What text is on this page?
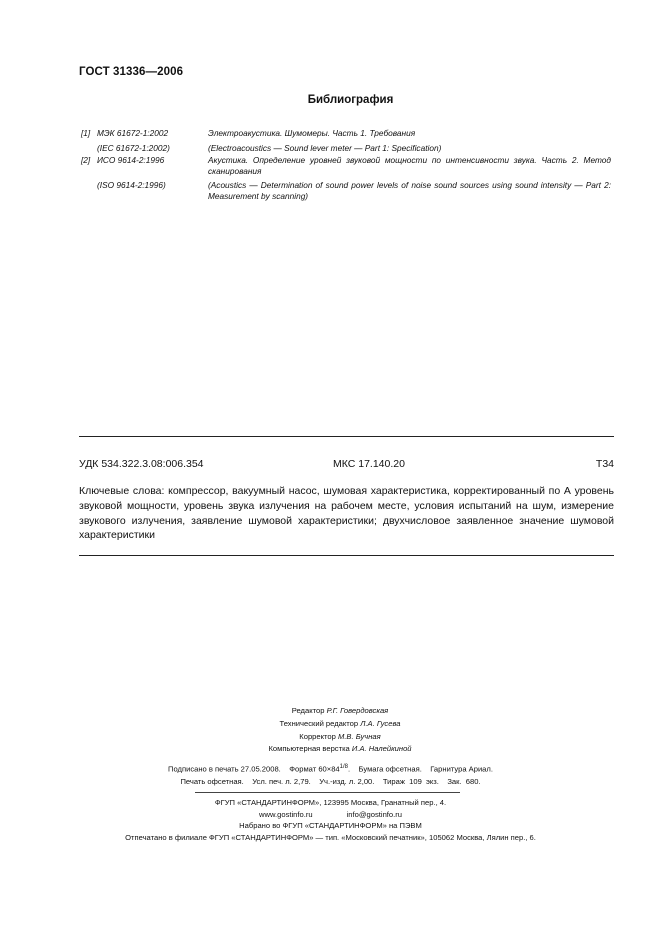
ГОСТ 31336—2006
Библиография
[1] МЭК 61672-1:2002	Электроакустика. Шумомеры. Часть 1. Требования
(IEC 61672-1:2002)	(Electroacoustics — Sound lever meter — Part 1: Specification)
[2] ИСО 9614-2:1996	Акустика. Определение уровней звуковой мощности по интенсивности звука. Часть 2. Метод сканирования
(ISO 9614-2:1996)	(Acoustics — Determination of sound power levels of noise sound sources using sound intensity — Part 2: Measurement by scanning)
УДК 534.322.3.08:006.354	МКС 17.140.20	Т34
Ключевые слова: компрессор, вакуумный насос, шумовая характеристика, корректированный по А уровень звуковой мощности, уровень звука излучения на рабочем месте, условия испытаний на шум, измерение звукового излучения, заявление шумовой характеристики; двухчисловое заявленное значение шумовой характеристики
Редактор Р.Г. Говердовская
Технический редактор Л.А. Гусева
Корректор М.В. Бучная
Компьютерная верстка И.А. Налейкиной
Подписано в печать 27.05.2008.    Формат $60\times 84^{1/8}$.    Бумага офсетная.    Гарнитура Ариал.
Печать офсетная.    Усл. печ. л. 2,79.    Уч.-изд. л. 2,00.    Тираж  109  экз.    Зак.  680.
ФГУП «СТАНДАРТИНФОРМ», 123995 Москва, Гранатный пер., 4.
www.gostinfo.ru	info@gostinfo.ru
Набрано во ФГУП «СТАНДАРТИНФОРМ» на ПЭВМ
Отпечатано в филиале ФГУП «СТАНДАРТИНФОРМ» — тип. «Московский печатник», 105062 Москва, Лялин пер., 6.
